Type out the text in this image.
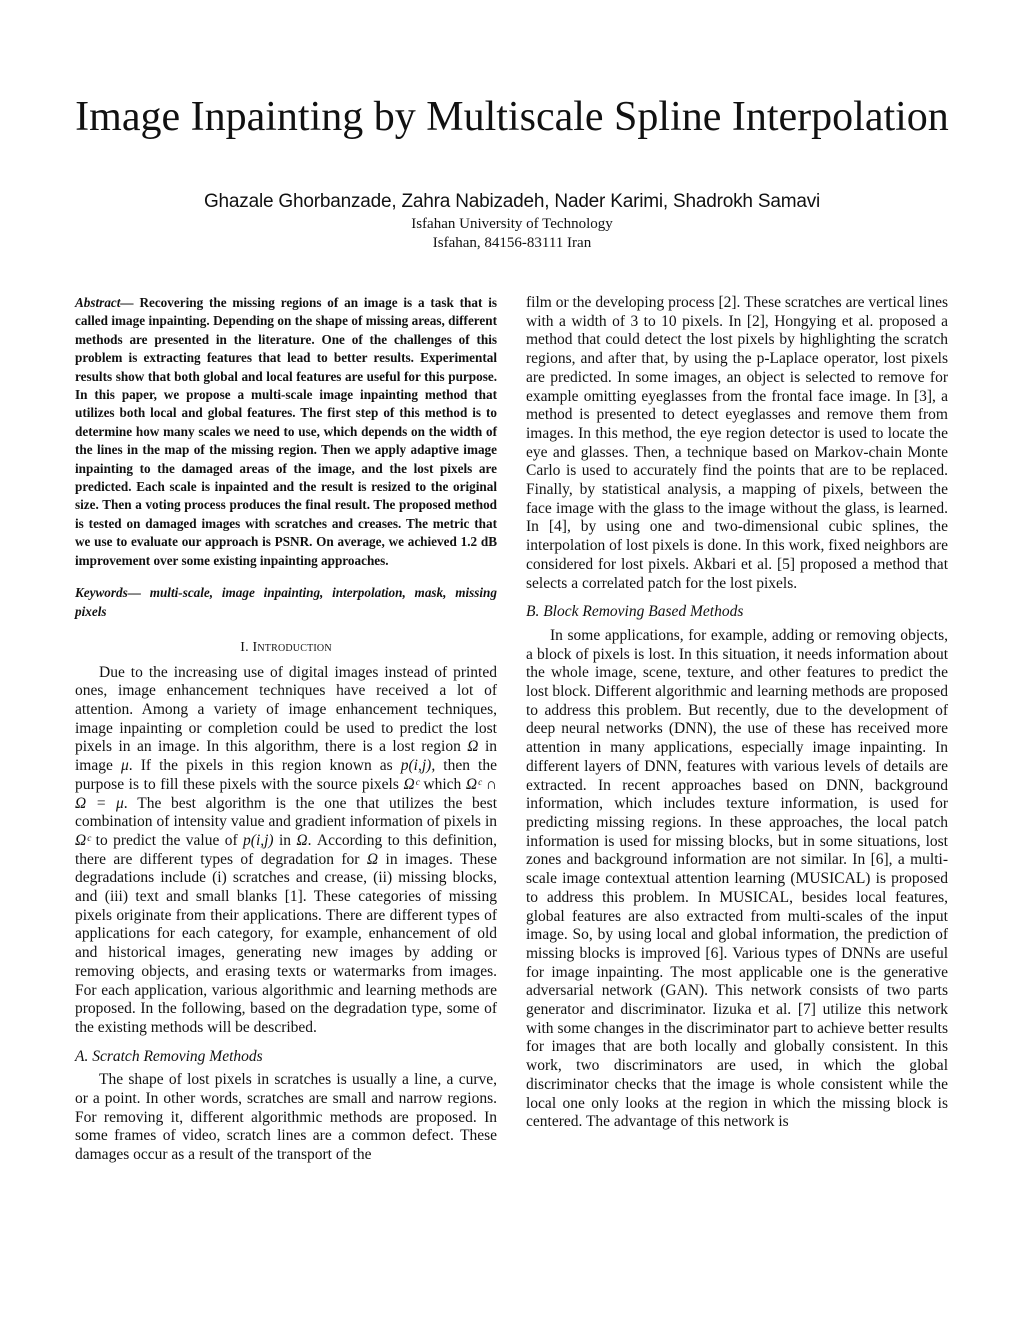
Image Inpainting by Multiscale Spline Interpolation
Ghazale Ghorbanzade, Zahra Nabizadeh, Nader Karimi, Shadrokh Samavi
Isfahan University of Technology
Isfahan, 84156-83111 Iran

Abstract— Recovering the missing regions of an image is a task that is called image inpainting. Depending on the shape of missing areas, different methods are presented in the literature. One of the challenges of this problem is extracting features that lead to better results. Experimental results show that both global and local features are useful for this purpose. In this paper, we propose a multi-scale image inpainting method that utilizes both local and global features. The first step of this method is to determine how many scales we need to use, which depends on the width of the lines in the map of the missing region. Then we apply adaptive image inpainting to the damaged areas of the image, and the lost pixels are predicted. Each scale is inpainted and the result is resized to the original size. Then a voting process produces the final result. The proposed method is tested on damaged images with scratches and creases. The metric that we use to evaluate our approach is PSNR. On average, we achieved 1.2 dB improvement over some existing inpainting approaches.

Keywords— multi-scale, image inpainting, interpolation, mask, missing pixels

I. Introduction

Due to the increasing use of digital images instead of printed ones, image enhancement techniques have received a lot of attention. Among a variety of image enhancement techniques, image inpainting or completion could be used to predict the lost pixels in an image. In this algorithm, there is a lost region Ω in image μ. If the pixels in this region known as p(i,j), then the purpose is to fill these pixels with the source pixels Ωᶜ which Ωᶜ ∩ Ω = μ. The best algorithm is the one that utilizes the best combination of intensity value and gradient information of pixels in Ωᶜ to predict the value of p(i,j) in Ω. According to this definition, there are different types of degradation for Ω in images. These degradations include (i) scratches and crease, (ii) missing blocks, and (iii) text and small blanks [1]. These categories of missing pixels originate from their applications. There are different types of applications for each category, for example, enhancement of old and historical images, generating new images by adding or removing objects, and erasing texts or watermarks from images. For each application, various algorithmic and learning methods are proposed. In the following, based on the degradation type, some of the existing methods will be described.

A. Scratch Removing Methods

The shape of lost pixels in scratches is usually a line, a curve, or a point. In other words, scratches are small and narrow regions. For removing it, different algorithmic methods are proposed. In some frames of video, scratch lines are a common defect. These damages occur as a result of the transport of the

film or the developing process [2]. These scratches are vertical lines with a width of 3 to 10 pixels. In [2], Hongying et al. proposed a method that could detect the lost pixels by highlighting the scratch regions, and after that, by using the p-Laplace operator, lost pixels are predicted. In some images, an object is selected to remove for example omitting eyeglasses from the frontal face image. In [3], a method is presented to detect eyeglasses and remove them from images. In this method, the eye region detector is used to locate the eye and glasses. Then, a technique based on Markov-chain Monte Carlo is used to accurately find the points that are to be replaced. Finally, by statistical analysis, a mapping of pixels, between the face image with the glass to the image without the glass, is learned. In [4], by using one and two-dimensional cubic splines, the interpolation of lost pixels is done. In this work, fixed neighbors are considered for lost pixels. Akbari et al. [5] proposed a method that selects a correlated patch for the lost pixels.

B. Block Removing Based Methods

In some applications, for example, adding or removing objects, a block of pixels is lost. In this situation, it needs information about the whole image, scene, texture, and other features to predict the lost block. Different algorithmic and learning methods are proposed to address this problem. But recently, due to the development of deep neural networks (DNN), the use of these has received more attention in many applications, especially image inpainting. In different layers of DNN, features with various levels of details are extracted. In recent approaches based on DNN, background information, which includes texture information, is used for predicting missing regions. In these approaches, the local patch information is used for missing blocks, but in some situations, lost zones and background information are not similar. In [6], a multi-scale image contextual attention learning (MUSICAL) is proposed to address this problem. In MUSICAL, besides local features, global features are also extracted from multi-scales of the input image. So, by using local and global information, the prediction of missing blocks is improved [6]. Various types of DNNs are useful for image inpainting. The most applicable one is the generative adversarial network (GAN). This network consists of two parts generator and discriminator. Iizuka et al. [7] utilize this network with some changes in the discriminator part to achieve better results for images that are both locally and globally consistent. In this work, two discriminators are used, in which the global discriminator checks that the image is whole consistent while the local one only looks at the region in which the missing block is centered. The advantage of this network is
